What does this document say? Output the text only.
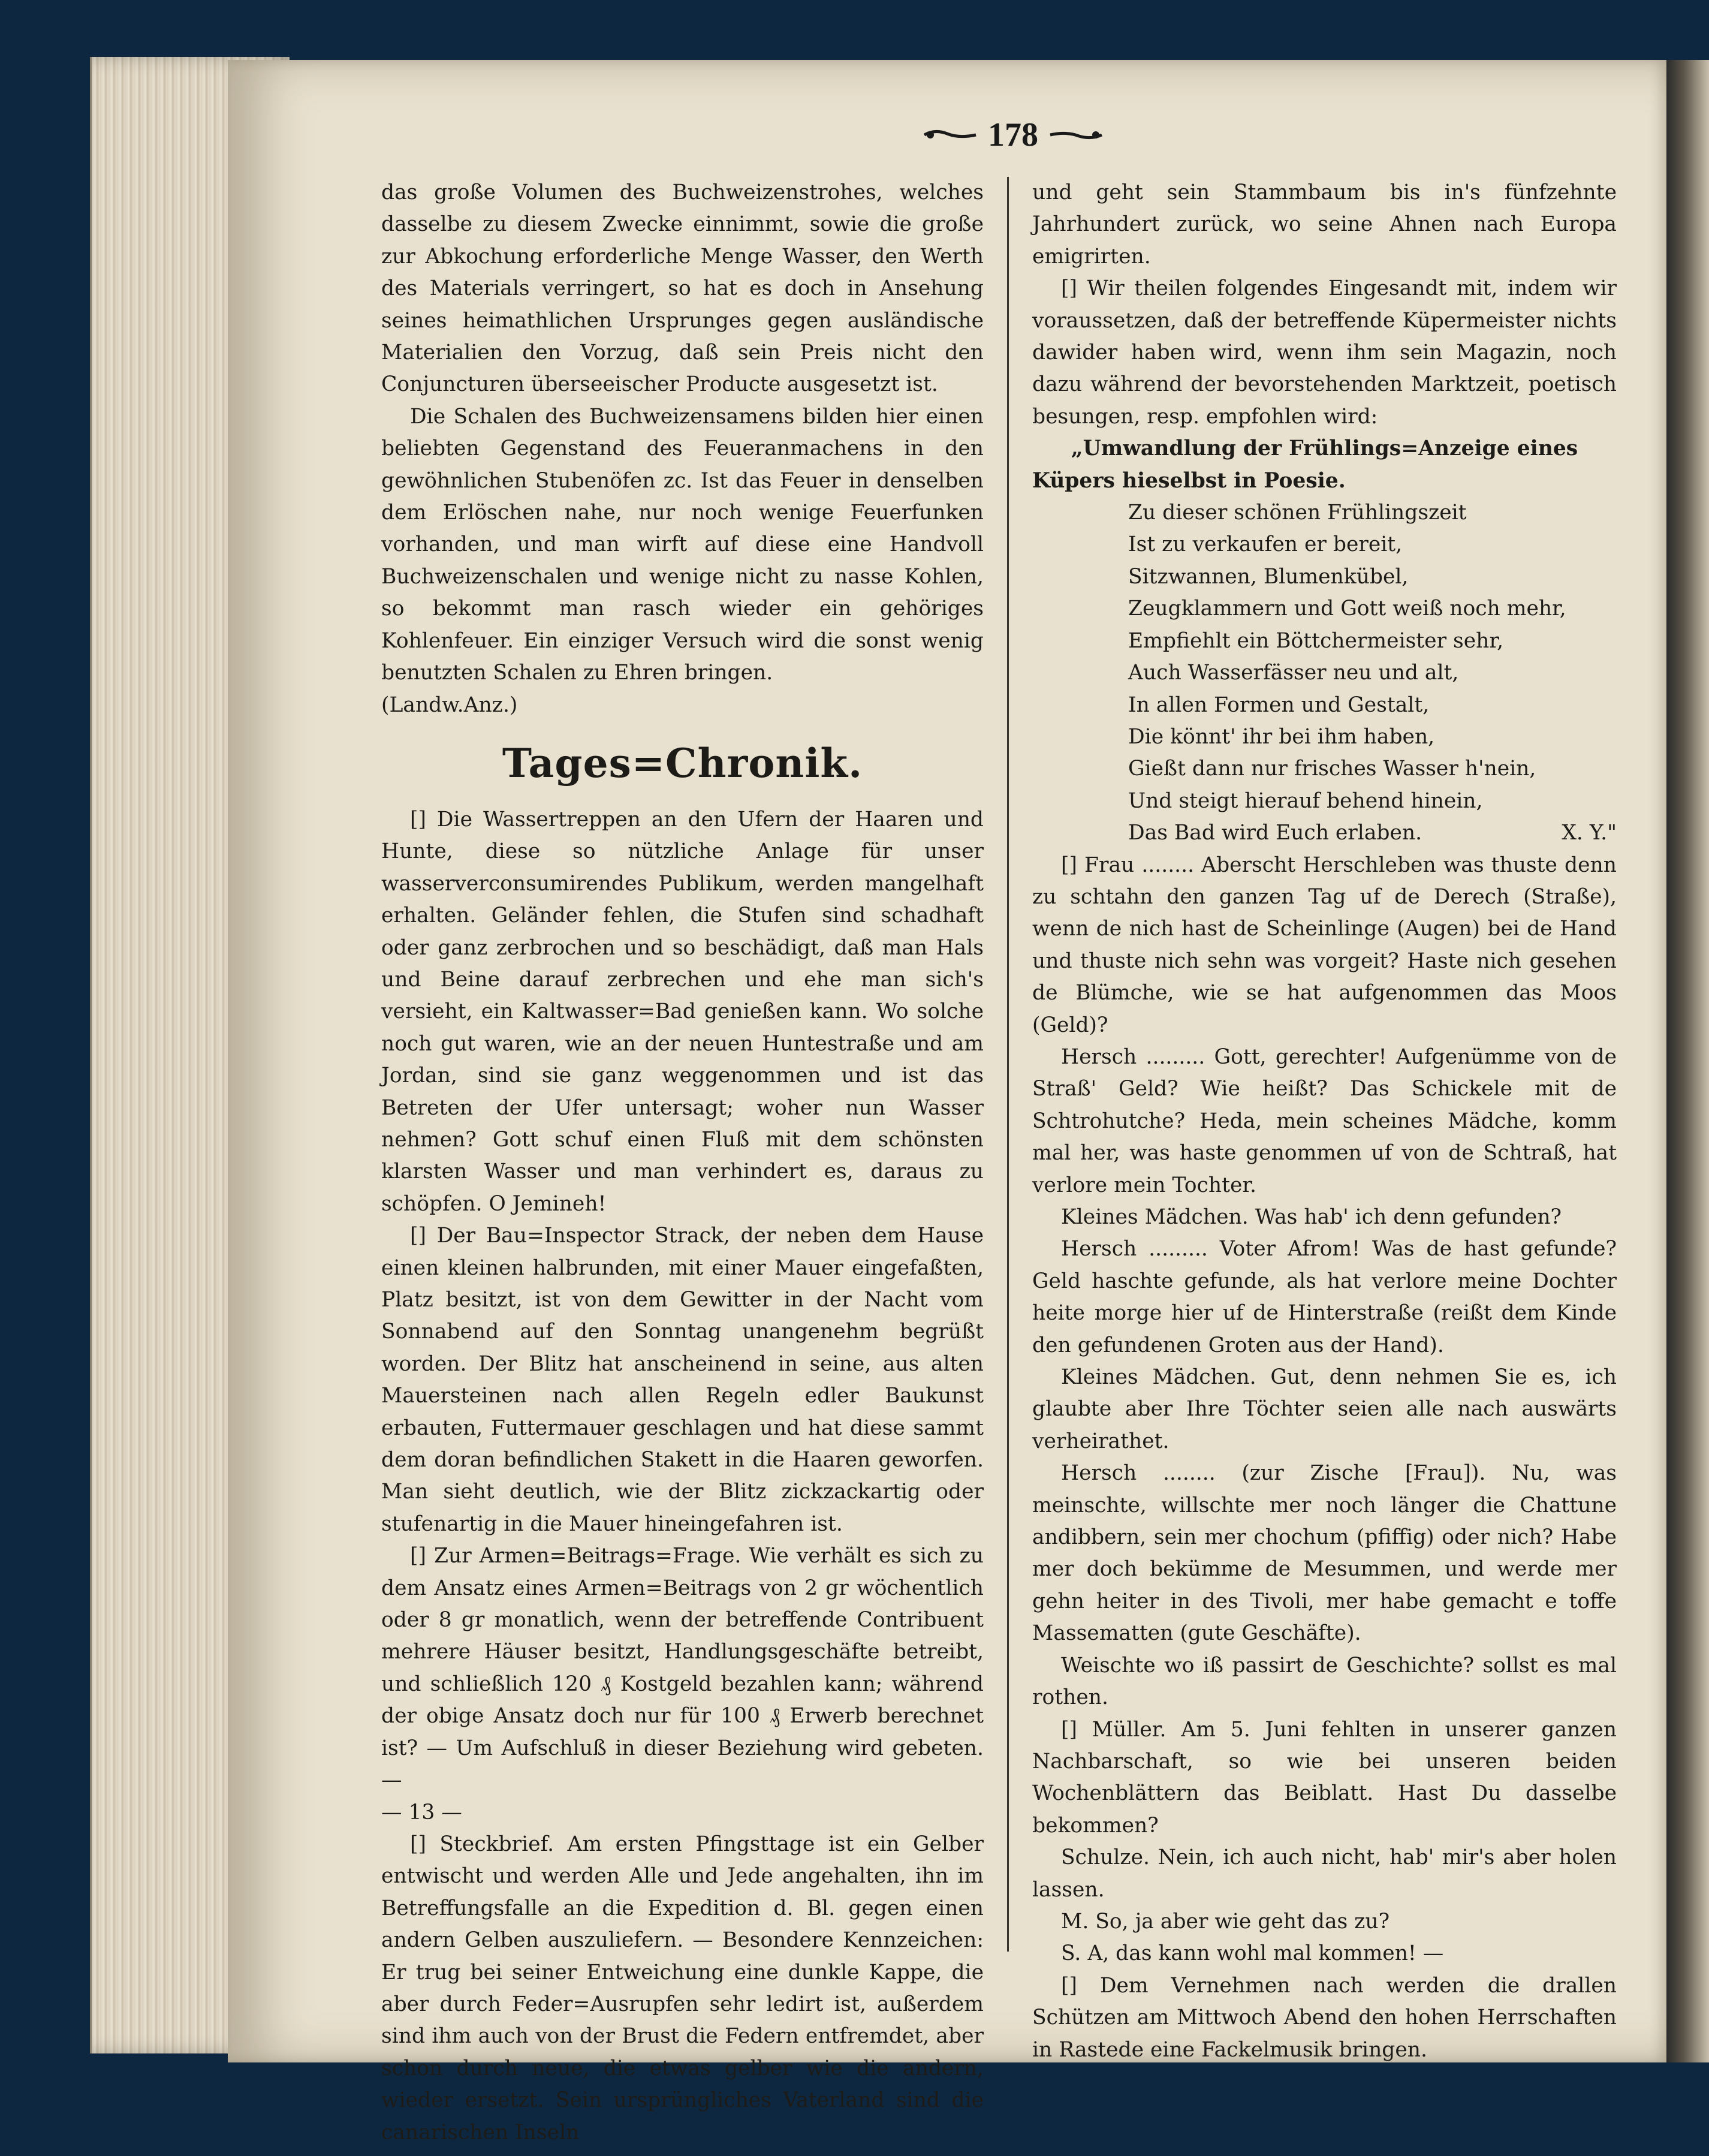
178

das große Volumen des Buchweizenstrohes, welches dasselbe zu diesem Zwecke einnimmt, sowie die große zur Abkochung erforderliche Menge Wasser, den Werth des Materials verringert, so hat es doch in Ansehung seines heimathlichen Ursprunges gegen ausländische Materialien den Vorzug, daß sein Preis nicht den Conjuncturen überseeischer Producte ausgesetzt ist.

Die Schalen des Buchweizensamens bilden hier einen beliebten Gegenstand des Feueranmachens in den gewöhnlichen Stubenöfen zc. Ist das Feuer in denselben dem Erlöschen nahe, nur noch wenige Feuerfunken vorhanden, und man wirft auf diese eine Handvoll Buchweizenschalen und wenige nicht zu nasse Kohlen, so bekommt man rasch wieder ein gehöriges Kohlenfeuer. Ein einziger Versuch wird die sonst wenig benutzten Schalen zu Ehren bringen.

(Landw.Anz.)

Tages=Chronik.

[] Die Wassertreppen an den Ufern der Haaren und Hunte, diese so nützliche Anlage für unser wasserverconsumirendes Publikum, werden mangelhaft erhalten. Geländer fehlen, die Stufen sind schadhaft oder ganz zerbrochen und so beschädigt, daß man Hals und Beine darauf zerbrechen und ehe man sich's versieht, ein Kaltwasser=Bad genießen kann. Wo solche noch gut waren, wie an der neuen Huntestraße und am Jordan, sind sie ganz weggenommen und ist das Betreten der Ufer untersagt; woher nun Wasser nehmen? Gott schuf einen Fluß mit dem schönsten klarsten Wasser und man verhindert es, daraus zu schöpfen. O Jemineh!

[] Der Bau=Inspector Strack, der neben dem Hause einen kleinen halbrunden, mit einer Mauer eingefaßten, Platz besitzt, ist von dem Gewitter in der Nacht vom Sonnabend auf den Sonntag unangenehm begrüßt worden. Der Blitz hat anscheinend in seine, aus alten Mauersteinen nach allen Regeln edler Baukunst erbauten, Futtermauer geschlagen und hat diese sammt dem doran befindlichen Stakett in die Haaren geworfen. Man sieht deutlich, wie der Blitz zickzackartig oder stufenartig in die Mauer hineingefahren ist.

[] Zur Armen=Beitrags=Frage. Wie verhält es sich zu dem Ansatz eines Armen=Beitrags von 2 gr wöchentlich oder 8 gr monatlich, wenn der betreffende Contribuent mehrere Häuser besitzt, Handlungsgeschäfte betreibt, und schließlich 120 ₰ Kostgeld bezahlen kann; während der obige Ansatz doch nur für 100 ₰ Erwerb berechnet ist? — Um Aufschluß in dieser Beziehung wird gebeten. —

— 13 —

[] Steckbrief. Am ersten Pfingsttage ist ein Gelber entwischt und werden Alle und Jede angehalten, ihn im Betreffungsfalle an die Expedition d. Bl. gegen einen andern Gelben auszuliefern. — Besondere Kennzeichen: Er trug bei seiner Entweichung eine dunkle Kappe, die aber durch Feder=Ausrupfen sehr ledirt ist, außerdem sind ihm auch von der Brust die Federn entfremdet, aber schon durch neue, die etwas gelber wie die andern, wieder ersetzt. Sein ursprüngliches Vaterland sind die canarischen Inseln

und geht sein Stammbaum bis in's fünfzehnte Jahrhundert zurück, wo seine Ahnen nach Europa emigrirten.

[] Wir theilen folgendes Eingesandt mit, indem wir voraussetzen, daß der betreffende Küpermeister nichts dawider haben wird, wenn ihm sein Magazin, noch dazu während der bevorstehenden Marktzeit, poetisch besungen, resp. empfohlen wird:

„Umwandlung der Frühlings=Anzeige eines Küpers hieselbst in Poesie.

Zu dieser schönen Frühlingszeit

Ist zu verkaufen er bereit,

Sitzwannen, Blumenkübel,

Zeugklammern und Gott weiß noch mehr,

Empfiehlt ein Böttchermeister sehr,

Auch Wasserfässer neu und alt,

In allen Formen und Gestalt,

Die könnt' ihr bei ihm haben,

Gießt dann nur frisches Wasser h'nein,

Und steigt hierauf behend hinein,

Das Bad wird Euch erlaben.	X. Y."

[] Frau ........ Aberscht Herschleben was thuste denn zu schtahn den ganzen Tag uf de Derech (Straße), wenn de nich hast de Scheinlinge (Augen) bei de Hand und thuste nich sehn was vorgeit? Haste nich gesehen de Blümche, wie se hat aufgenommen das Moos (Geld)?

Hersch ......... Gott, gerechter! Aufgenümme von de Straß' Geld? Wie heißt? Das Schickele mit de Schtrohutche? Heda, mein scheines Mädche, komm mal her, was haste genommen uf von de Schtraß, hat verlore mein Tochter.

Kleines Mädchen. Was hab' ich denn gefunden?

Hersch ......... Voter Afrom! Was de hast gefunde? Geld haschte gefunde, als hat verlore meine Dochter heite morge hier uf de Hinterstraße (reißt dem Kinde den gefundenen Groten aus der Hand).

Kleines Mädchen. Gut, denn nehmen Sie es, ich glaubte aber Ihre Töchter seien alle nach auswärts verheirathet.

Hersch ........ (zur Zische [Frau]). Nu, was meinschte, willschte mer noch länger die Chattune andibbern, sein mer chochum (pfiffig) oder nich? Habe mer doch bekümme de Mesummen, und werde mer gehn heiter in des Tivoli, mer habe gemacht e toffe Massematten (gute Geschäfte).

Weischte wo iß passirt de Geschichte? sollst es mal rothen.

[] Müller. Am 5. Juni fehlten in unserer ganzen Nachbarschaft, so wie bei unseren beiden Wochenblättern das Beiblatt. Hast Du dasselbe bekommen?

Schulze. Nein, ich auch nicht, hab' mir's aber holen lassen.

M. So, ja aber wie geht das zu?

S. A, das kann wohl mal kommen! —

[] Dem Vernehmen nach werden die drallen Schützen am Mittwoch Abend den hohen Herrschaften in Rastede eine Fackelmusik bringen.
